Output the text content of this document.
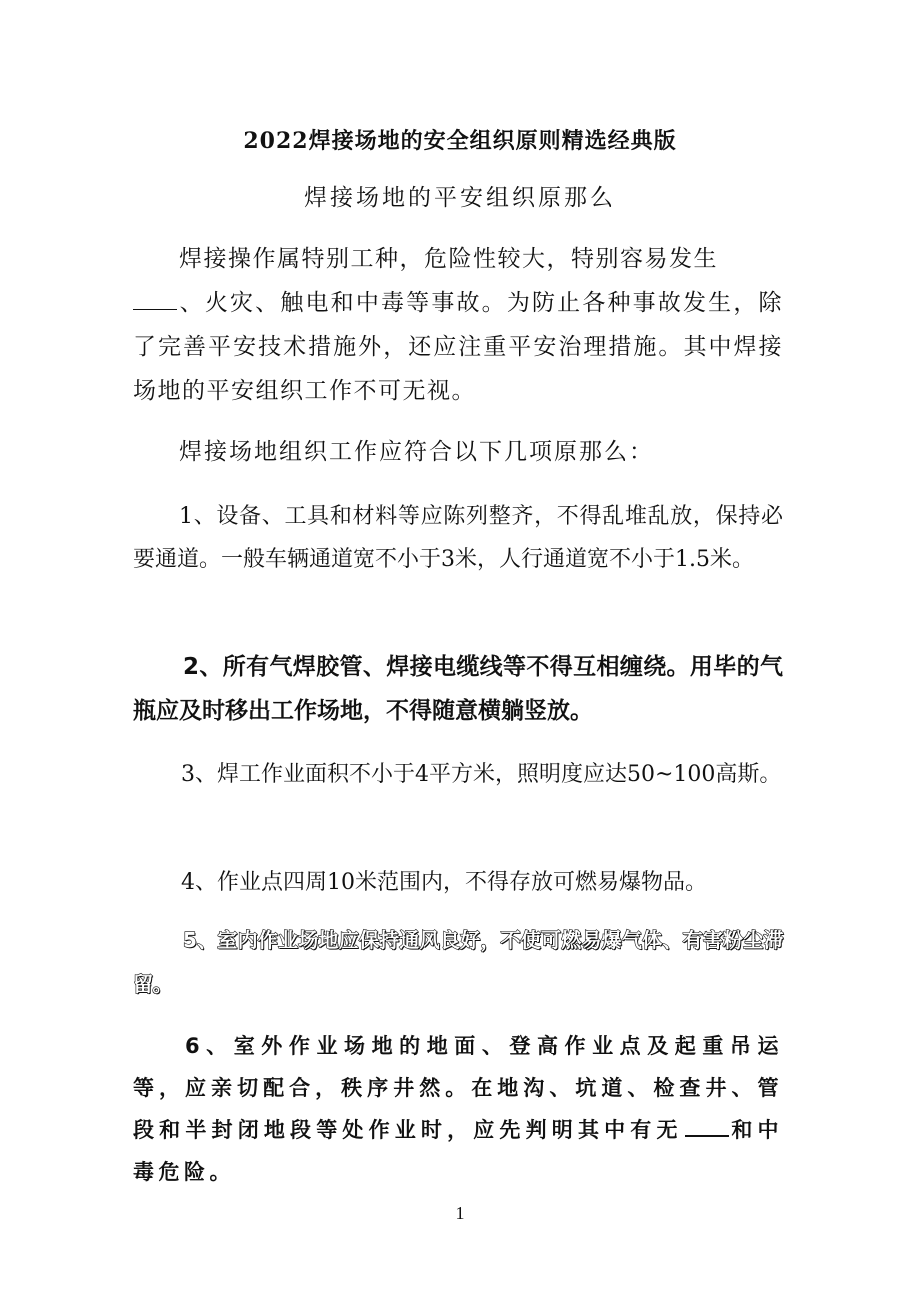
2022焊接场地的安全组织原则精选经典版
焊接场地的平安组织原那么
焊接操作属特别工种，危险性较大，特别容易发生
、火灾、触电和中毒等事故。为防止各种事故发生，除了完善平安技术措施外，还应注重平安治理措施。其中焊接场地的平安组织工作不可无视。
焊接场地组织工作应符合以下几项原那么：
1、设备、工具和材料等应陈列整齐，不得乱堆乱放，保持必要通道。一般车辆通道宽不小于3米，人行通道宽不小于1.5米。
2、所有气焊胶管、焊接电缆线等不得互相缠绕。用毕的气瓶应及时移出工作场地，不得随意横躺竖放。
3、焊工作业面积不小于4平方米，照明度应达50~100高斯。
4、作业点四周10米范围内，不得存放可燃易爆物品。
5、室内作业场地应保持通风良好，不使可燃易爆气体、有害粉尘滞留。
6、室外作业场地的地面、登高作业点及起重吊运等，应亲切配合，秩序井然。在地沟、坑道、检查井、管段和半封闭地段等处作业时，应先判明其中有无 和中毒危险。
1
